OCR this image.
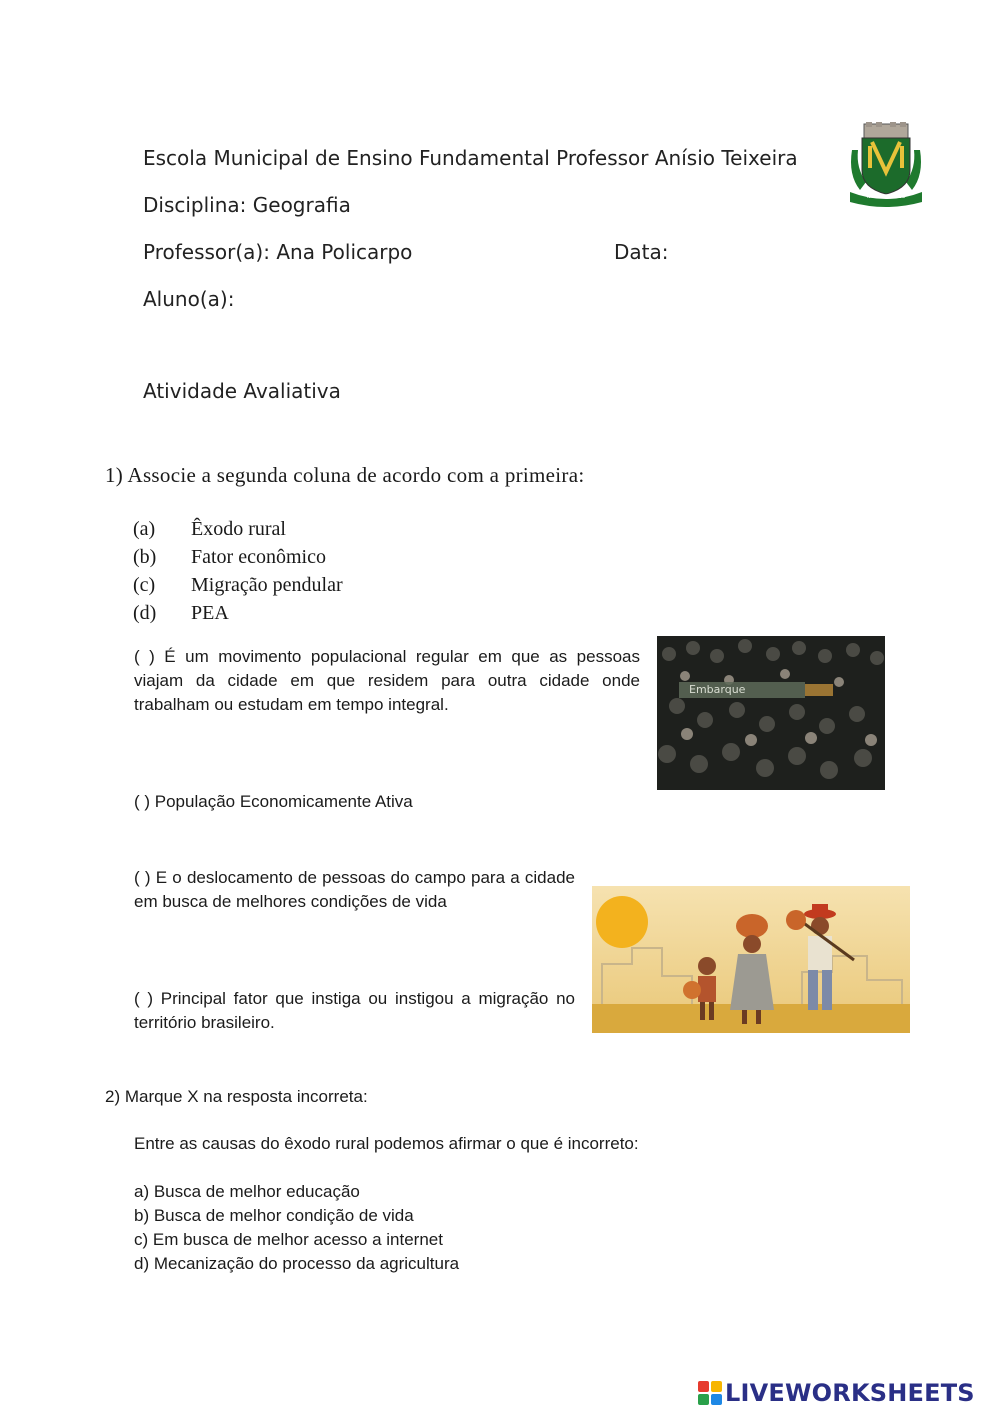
Escola Municipal de Ensino Fundamental Professor Anísio Teixeira
Disciplina: Geografia
Professor(a): Ana Policarpo	Data:
Aluno(a):
Atividade Avaliativa
NIHIL SINE DEO
1) Associe a segunda coluna de acordo com a primeira:
(a) Êxodo rural
(b) Fator econômico
(c) Migração pendular
(d) PEA
( ) É um movimento populacional regular em que as pessoas viajam da cidade em que residem para outra cidade onde trabalham ou estudam em tempo integral.
Embarque
( ) População Economicamente Ativa
( ) E o deslocamento de pessoas do campo para a cidade em busca de melhores condições de vida
( ) Principal fator que instiga ou instigou a migração no território brasileiro.
2) Marque X na resposta incorreta:
Entre as causas do êxodo rural podemos afirmar o que é incorreto:
a) Busca de melhor educação
b) Busca de melhor condição de vida
c) Em busca de melhor acesso a internet
d) Mecanização do processo da agricultura
LIVEWORKSHEETS
